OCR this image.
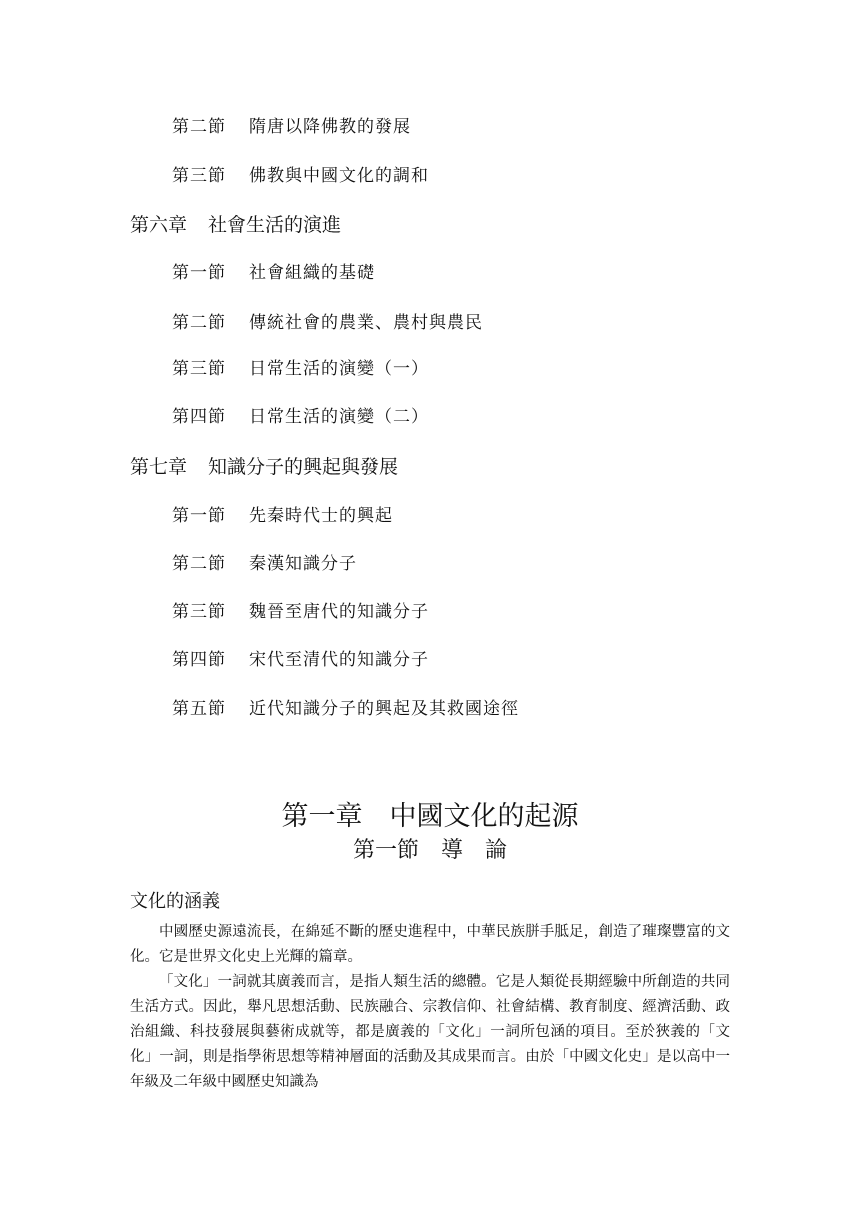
第二節 隋唐以降佛教的發展
第三節 佛教與中國文化的調和
第六章 社會生活的演進
第一節 社會組織的基礎
第二節 傳統社會的農業、農村與農民
第三節 日常生活的演變（一）
第四節 日常生活的演變（二）
第七章 知識分子的興起與發展
第一節 先秦時代士的興起
第二節 秦漢知識分子
第三節 魏晉至唐代的知識分子
第四節 宋代至清代的知識分子
第五節 近代知識分子的興起及其救國途徑
第一章　中國文化的起源
第一節　導　論
文化的涵義

中國歷史源遠流長，在綿延不斷的歷史進程中，中華民族胼手胝足，創造了璀璨豐富的文化。它是世界文化史上光輝的篇章。

「文化」一詞就其廣義而言，是指人類生活的總體。它是人類從長期經驗中所創造的共同生活方式。因此，舉凡思想活動、民族融合、宗教信仰、社會結構、教育制度、經濟活動、政治組織、科技發展與藝術成就等，都是廣義的「文化」一詞所包涵的項目。至於狹義的「文化」一詞，則是指學術思想等精神層面的活動及其成果而言。由於「中國文化史」是以高中一年級及二年級中國歷史知識為
